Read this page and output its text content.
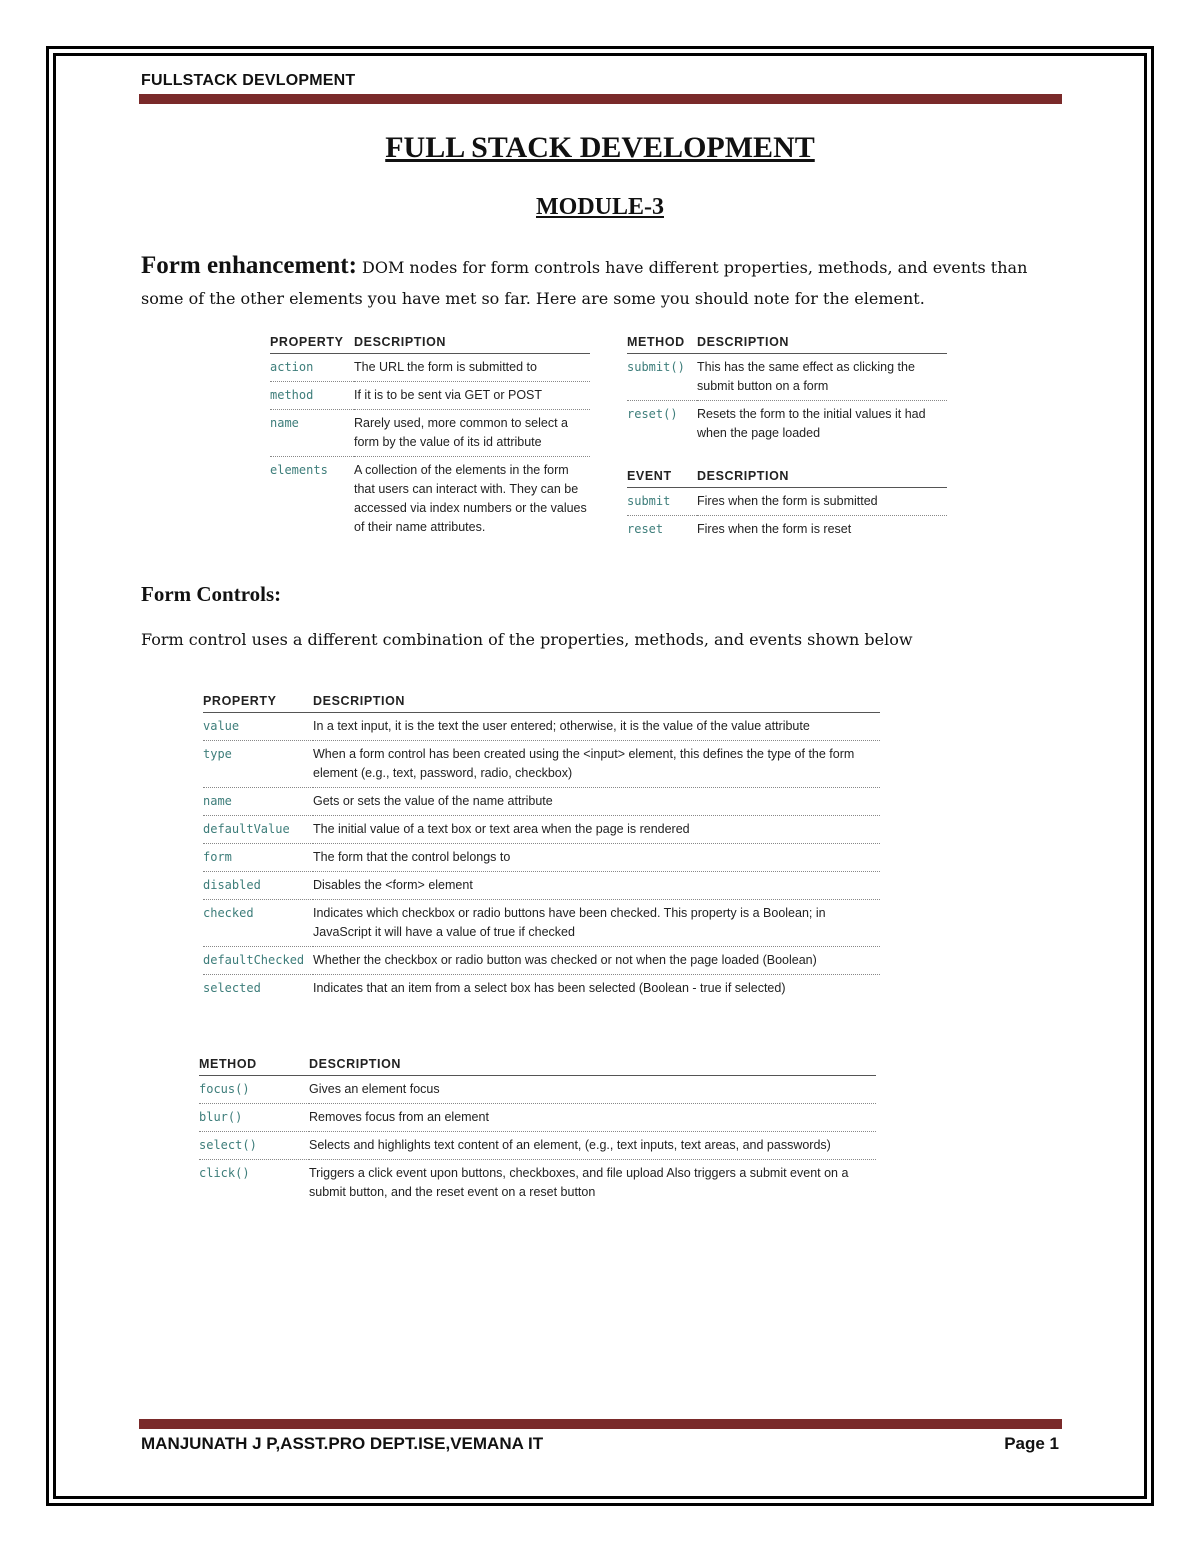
FULLSTACK DEVLOPMENT
FULL STACK DEVELOPMENT
MODULE-3
Form enhancement: DOM nodes for form controls have different properties, methods, and events than some of the other elements you have met so far. Here are some you should note for the element.
PROPERTY	DESCRIPTION
action	The URL the form is submitted to
method	If it is to be sent via GET or POST
name	Rarely used, more common to select a form by the value of its id attribute
elements	A collection of the elements in the form that users can interact with. They can be accessed via index numbers or the values of their name attributes.
METHOD	DESCRIPTION
submit()	This has the same effect as clicking the submit button on a form
reset()	Resets the form to the initial values it had when the page loaded
EVENT	DESCRIPTION
submit	Fires when the form is submitted
reset	Fires when the form is reset
Form Controls:
Form control uses a different combination of the properties, methods, and events shown below
PROPERTY	DESCRIPTION
value	In a text input, it is the text the user entered; otherwise, it is the value of the value attribute
type	When a form control has been created using the <input> element, this defines the type of the form element (e.g., text, password, radio, checkbox)
name	Gets or sets the value of the name attribute
defaultValue	The initial value of a text box or text area when the page is rendered
form	The form that the control belongs to
disabled	Disables the <form> element
checked	Indicates which checkbox or radio buttons have been checked. This property is a Boolean; in JavaScript it will have a value of true if checked
defaultChecked	Whether the checkbox or radio button was checked or not when the page loaded (Boolean)
selected	Indicates that an item from a select box has been selected (Boolean - true if selected)
METHOD	DESCRIPTION
focus()	Gives an element focus
blur()	Removes focus from an element
select()	Selects and highlights text content of an element, (e.g., text inputs, text areas, and passwords)
click()	Triggers a click event upon buttons, checkboxes, and file upload Also triggers a submit event on a submit button, and the reset event on a reset button
MANJUNATH J P,ASST.PRO DEPT.ISE,VEMANA IT	Page 1
